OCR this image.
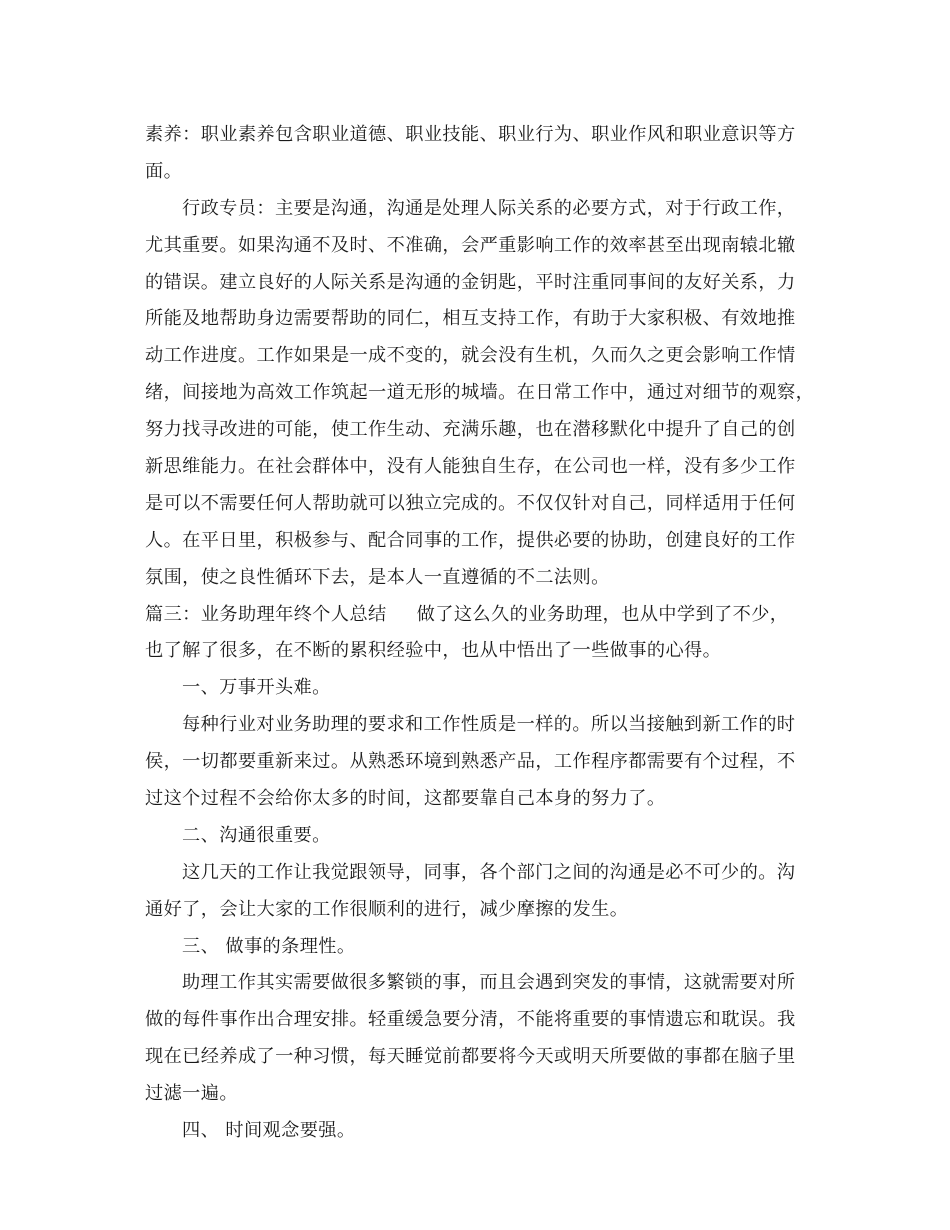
素养：职业素养包含职业道德、职业技能、职业行为、职业作风和职业意识等方
面。
行政专员：主要是沟通，沟通是处理人际关系的必要方式，对于行政工作，
尤其重要。如果沟通不及时、不准确，会严重影响工作的效率甚至出现南辕北辙
的错误。建立良好的人际关系是沟通的金钥匙，平时注重同事间的友好关系，力
所能及地帮助身边需要帮助的同仁，相互支持工作，有助于大家积极、有效地推
动工作进度。工作如果是一成不变的，就会没有生机，久而久之更会影响工作情
绪，间接地为高效工作筑起一道无形的城墙。在日常工作中，通过对细节的观察，
努力找寻改进的可能，使工作生动、充满乐趣，也在潜移默化中提升了自己的创
新思维能力。在社会群体中，没有人能独自生存，在公司也一样，没有多少工作
是可以不需要任何人帮助就可以独立完成的。不仅仅针对自己，同样适用于任何
人。在平日里，积极参与、配合同事的工作，提供必要的协助，创建良好的工作
氛围，使之良性循环下去，是本人一直遵循的不二法则。
篇三：业务助理年终个人总结 做了这么久的业务助理，也从中学到了不少，
也了解了很多，在不断的累积经验中，也从中悟出了一些做事的心得。
一、万事开头难。
每种行业对业务助理的要求和工作性质是一样的。所以当接触到新工作的时
侯，一切都要重新来过。从熟悉环境到熟悉产品，工作程序都需要有个过程，不
过这个过程不会给你太多的时间，这都要靠自己本身的努力了。
二、沟通很重要。
这几天的工作让我觉跟领导，同事，各个部门之间的沟通是必不可少的。沟
通好了，会让大家的工作很顺利的进行，减少摩擦的发生。
三、 做事的条理性。
助理工作其实需要做很多繁锁的事，而且会遇到突发的事情，这就需要对所
做的每件事作出合理安排。轻重缓急要分清，不能将重要的事情遗忘和耽误。我
现在已经养成了一种习惯，每天睡觉前都要将今天或明天所要做的事都在脑子里
过滤一遍。
四、 时间观念要强。
